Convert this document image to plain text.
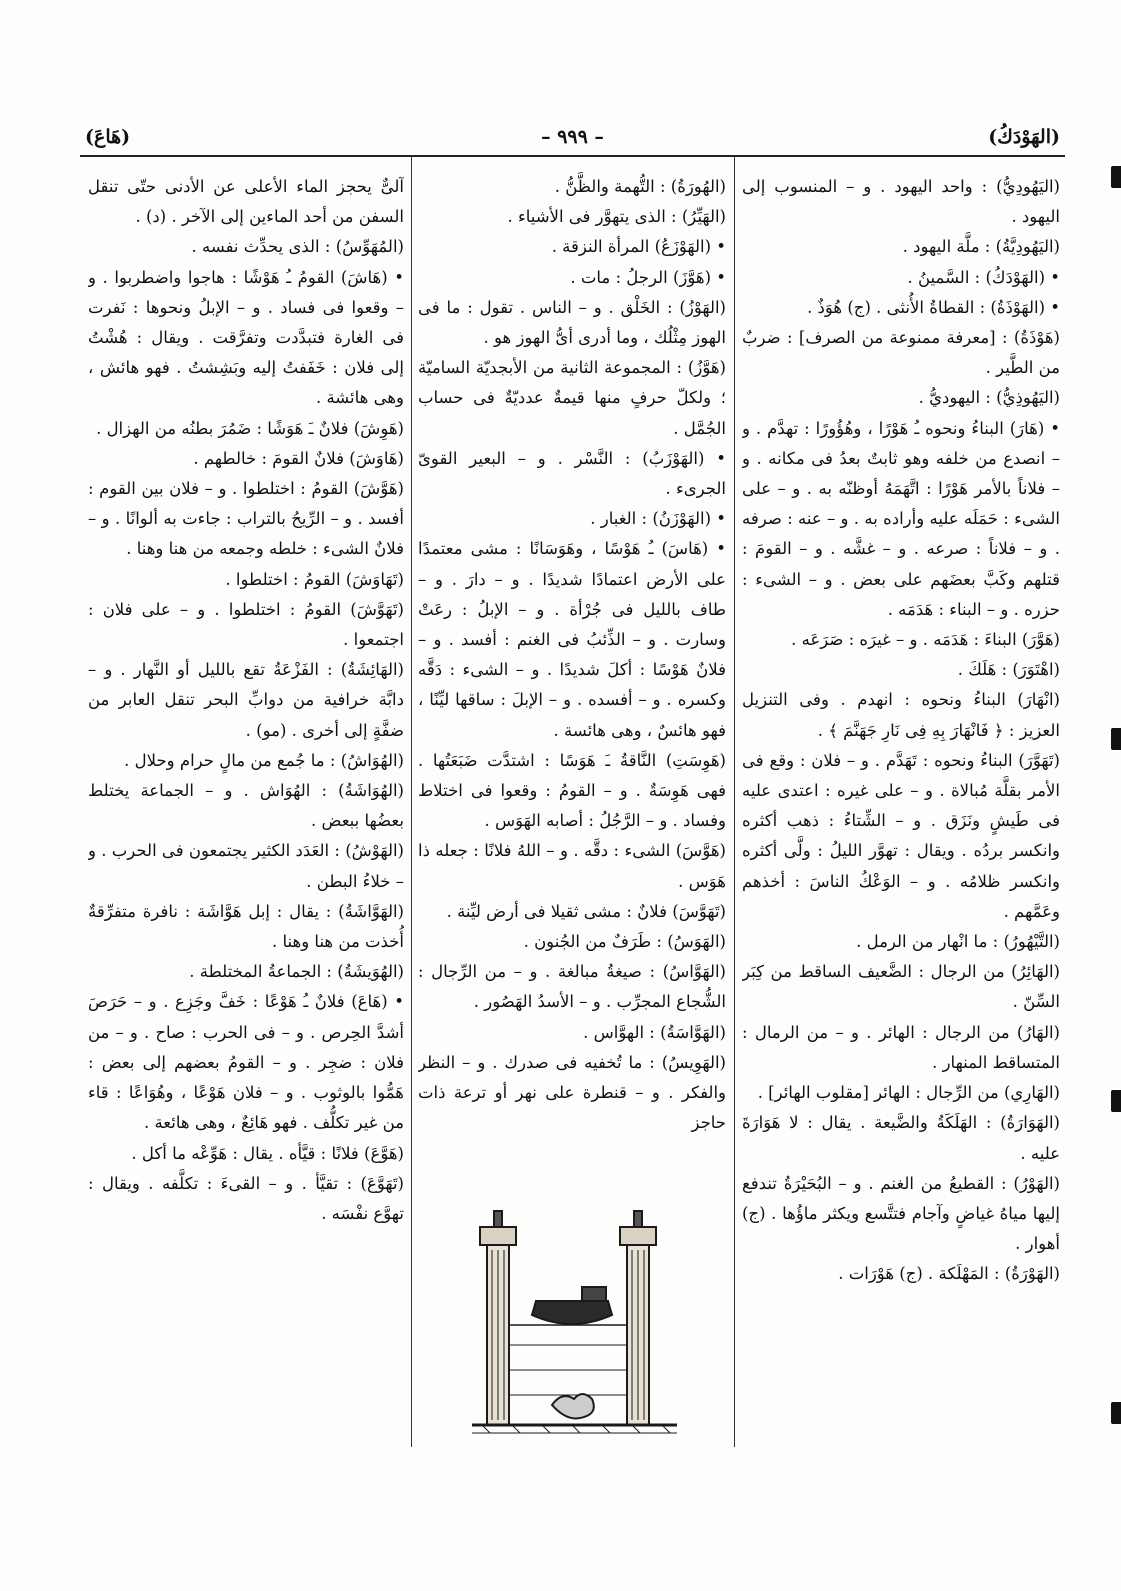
(الهَوْدَكُ)
– ٩٩٩ –
(هَاعَ)

(اليَهُودِيُّ) : واحد اليهود . و – المنسوب إلى اليهود .

(اليَهُودِيَّةُ) : ملَّة اليهود .

• (الهَوْدَكُ) : السَّمينُ .

• (الهَوْذَةُ) : القطاةُ الأُنثى . (ج) هُوَذٌ .

(هَوْذَةُ) : [معرفة ممنوعة من الصرف] : ضربٌ من الطَّير .

(اليَهُوذِيُّ) : اليهوديُّ .

• (هَارَ) البناءُ ونحوه ـُ هَوْرًا ، وهُؤُورًا : تهدَّم . و – انصدع من خلفه وهو ثابتٌ بعدُ فى مكانه . و – فلاناً بالأمر هَوْرًا : اتَّهَمَهُ أوظنّه به . و – على الشىء : حَمَلَه عليه وأراده به . و – عنه : صرفه . و – فلاناً : صرعه . و – غشَّه . و – القومَ : قتلهم وكَبَّ بعضَهم على بعض . و – الشىء : حزره . و – البناء : هَدَمَه .

(هَوَّرَ) البناءَ : هَدَمَه . و – غيرَه : صَرَعَه .

(اهْتَوَرَ) : هَلَكَ .

(انْهَارَ) البناءُ ونحوه : انهدم . وفى التنزيل العزيز : ﴿ فَانْهَارَ بِهِ فِى نَارِ جَهَنَّمَ ﴾ .

(تَهَوَّرَ) البناءُ ونحوه : تَهَدَّم . و – فلان : وقع فى الأمر بقلَّة مُبالاة . و – على غيره : اعتدى عليه فى طَيشٍ ونَزَق . و – الشِّتاءُ : ذهب أكثره وانكسر بردُه . ويقال : تهوَّر الليلُ : ولَّى أكثره وانكسر ظلامُه . و – الوَعْكُ الناسَ : أخذهم وعَمَّهم .

(التَّيْهُورُ) : ما انْهار من الرمل .

(الهَائِرُ) من الرجال : الضَّعيف الساقط من كِبَر السِّنّ .

(الهَارُ) من الرجال : الهائر . و – من الرمال : المتساقط المنهار .

(الهَارِي) من الرِّجال : الهائر [مقلوب الهائر] .

(الهَوَارَةُ) : الهَلَكَةُ والضَّيعة . يقال : لا هَوَارَةَ عليه .

(الهَوْرُ) : القطيعُ من الغنم . و – البُحَيْرَةُ تندفع إليها مياهُ غياضٍ وآجام فتتَّسع ويكثر ماؤُها . (ج) أهوار .

(الهَوْرَةُ) : المَهْلَكة . (ج) هَوْرَات .

(الهُورَةُ) : التُّهمة والظَّنُّ .

(الهَيِّرُ) : الذى يتهوَّر فى الأشياء .

• (الهَوْزَعُ) المرأة النزقة .

• (هَوَّزَ) الرجلُ : مات .

(الهَوْزُ) : الخَلْق . و – الناس . تقول : ما فى الهوز مِثْلُك ، وما أدرى أىُّ الهوز هو .

(هَوَّزُ) : المجموعة الثانية من الأبجديّة الساميّة ؛ ولكلّ حرفٍ منها قيمةٌ عدديّةٌ فى حساب الجُمَّل .

• (الهَوْزَبُ) : النَّسْر . و – البعير القوىّ الجرىء .

• (الهَوْزَنُ) : الغبار .

• (هَاسَ) ـُ هَوْسًا ، وهَوَسَانًا : مشى معتمدًا على الأرض اعتمادًا شديدًا . و – دارَ . و – طاف بالليل فى جُرْأة . و – الإبلُ : رعَتْ وسارت . و – الذِّئبُ فى الغنم : أفسد . و – فلانٌ هَوْسًا : أكلَ شديدًا . و – الشىء : دَقَّه وكسره . و – أفسده . و – الإبلَ : ساقها ليِّنًا ، فهو هائسٌ ، وهى هائسة .

(هَوِسَتِ) النَّاقةُ ـَ هَوَسًا : اشتدَّت ضَبَعَتُها . فهى هَوِسَةٌ . و – القومُ : وقعوا فى اختلاط وفساد . و – الرَّجُلُ : أصابه الهَوَس .

(هَوَّسَ) الشىء : دقَّه . و – اللهُ فلانًا : جعله ذا هَوَس .

(تَهَوَّسَ) فلانٌ : مشى ثقيلا فى أرض ليِّنة .

(الهَوَسُ) : طَرَفٌ من الجُنون .

(الهَوَّاسُ) : صيغةُ مبالغة . و – من الرِّجال : الشُّجاع المجرِّب . و – الأسدُ الهَصُور .

(الهَوَّاسَةُ) : الهوَّاس .

(الهَوِيسُ) : ما تُخفيه فى صدرك . و – النظر والفكر . و – قنطرة على نهر أو ترعة ذات حاجز

آلىٌّ يحجز الماء الأعلى عن الأدنى حتّى تنقل السفن من أحد الماءين إلى الآخر . (د) .

(المُهَوِّسُ) : الذى يحدِّث نفسه .

• (هَاشَ) القومُ ـُ هَوْشًا : هاجوا واضطربوا . و – وقعوا فى فساد . و – الإبلُ ونحوها : نَفرت فى الغارة فتبدَّدت وتفرَّقت . ويقال : هُشْتُ إلى فلان : خَفَفتُ إليه وبَشِشتُ . فهو هائش ، وهى هائشة .

(هَوِشَ) فلانٌ ـَ هَوَشًا : ضَمُرَ بطنُه من الهزال .

(هَاوَشَ) فلانٌ القومَ : خالطهم .

(هَوَّشَ) القومُ : اختلطوا . و – فلان بين القوم : أفسد . و – الرِّيحُ بالتراب : جاءت به ألوانًا . و – فلانٌ الشىء : خلطه وجمعه من هنا وهنا .

(تَهَاوَشَ) القومُ : اختلطوا .

(تَهَوَّشَ) القومُ : اختلطوا . و – على فلان : اجتمعوا .

(الهَائِشَةُ) : الفَزْعَةُ تقع بالليل أو النَّهار . و – دابَّة خرافية من دوابِّ البحر تنقل العابر من ضفَّةٍ إلى أخرى . (مو) .

(الهُوَاشُ) : ما جُمع من مالٍ حرام وحلال .

(الهُوَاشَةُ) : الهُوَاش . و – الجماعة يختلط بعضُها ببعض .

(الهَوْشُ) : العَدَد الكثير يجتمعون فى الحرب . و – خلاءُ البطن .

(الهَوَّاشَةُ) : يقال : إبل هَوَّاشَة : نافرة متفرِّقةٌ أُخذت من هنا وهنا .

(الهُوَيشَةُ) : الجماعةُ المختلطة .

• (هَاعَ) فلانٌ ـُ هَوْعًا : خَفَّ وجَزِع . و – حَرَصَ أشدَّ الحِرص . و – فى الحرب : صاح . و – من فلان : ضجِر . و – القومُ بعضهم إلى بعض : هَمُّوا بالوثوب . و – فلان هَوْعًا ، وهُوَاعًا : قاء من غير تكلُّف . فهو هَائِعٌ ، وهى هائعة .

(هَوَّعَ) فلانًا : قيَّأه . يقال : هَوِّعْه ما أكل .

(تَهَوَّعَ) : تقيَّأ . و – القىءَ : تكلَّفه . ويقال : تهوَّع نفْسَه .
